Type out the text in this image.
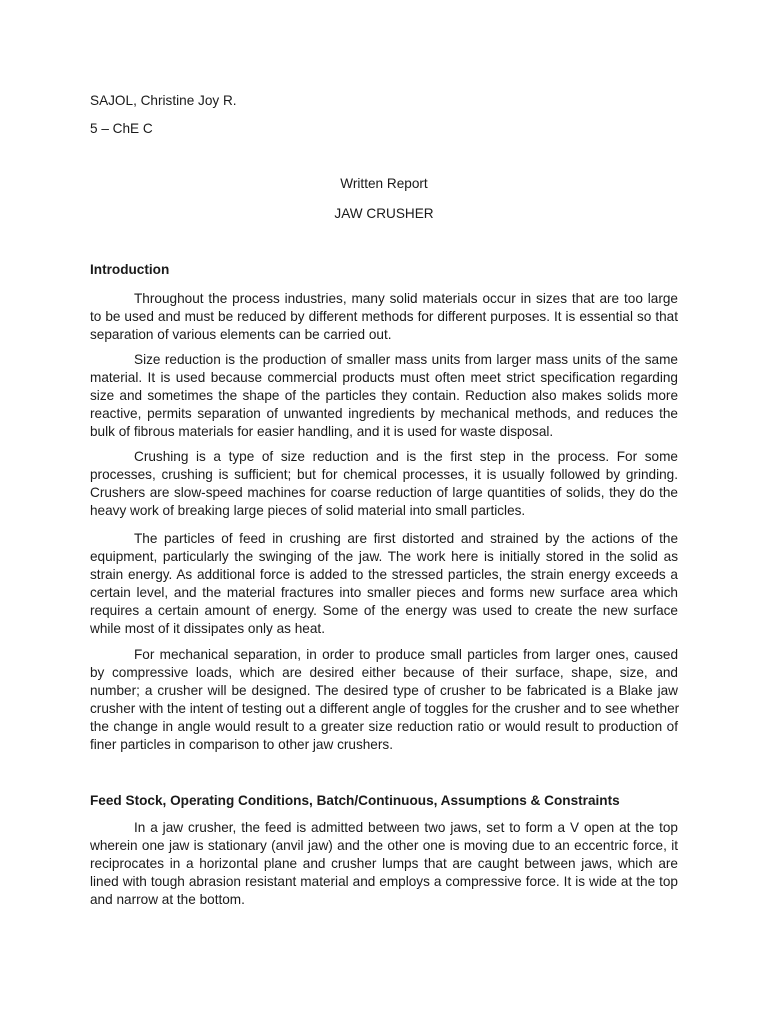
SAJOL, Christine Joy R.

5 – ChE C

Written Report

JAW CRUSHER

Introduction

Throughout the process industries, many solid materials occur in sizes that are too large
to be used and must be reduced by different methods for different purposes. It is essential so that
separation of various elements can be carried out.
Size reduction is the production of smaller mass units from larger mass units of the same
material. It is used because commercial products must often meet strict specification regarding
size and sometimes the shape of the particles they contain. Reduction also makes solids more
reactive, permits separation of unwanted ingredients by mechanical methods, and reduces the
bulk of fibrous materials for easier handling, and it is used for waste disposal.
Crushing is a type of size reduction and is the first step in the process. For some
processes, crushing is sufficient; but for chemical processes, it is usually followed by grinding.
Crushers are slow-speed machines for coarse reduction of large quantities of solids, they do the
heavy work of breaking large pieces of solid material into small particles.
The particles of feed in crushing are first distorted and strained by the actions of the
equipment, particularly the swinging of the jaw. The work here is initially stored in the solid as
strain energy. As additional force is added to the stressed particles, the strain energy exceeds a
certain level, and the material fractures into smaller pieces and forms new surface area which
requires a certain amount of energy. Some of the energy was used to create the new surface
while most of it dissipates only as heat.
For mechanical separation, in order to produce small particles from larger ones, caused
by compressive loads, which are desired either because of their surface, shape, size, and
number; a crusher will be designed. The desired type of crusher to be fabricated is a Blake jaw
crusher with the intent of testing out a different angle of toggles for the crusher and to see whether
the change in angle would result to a greater size reduction ratio or would result to production of
finer particles in comparison to other jaw crushers.

Feed Stock, Operating Conditions, Batch/Continuous, Assumptions & Constraints

In a jaw crusher, the feed is admitted between two jaws, set to form a V open at the top
wherein one jaw is stationary (anvil jaw) and the other one is moving due to an eccentric force, it
reciprocates in a horizontal plane and crusher lumps that are caught between jaws, which are
lined with tough abrasion resistant material and employs a compressive force. It is wide at the top
and narrow at the bottom.
